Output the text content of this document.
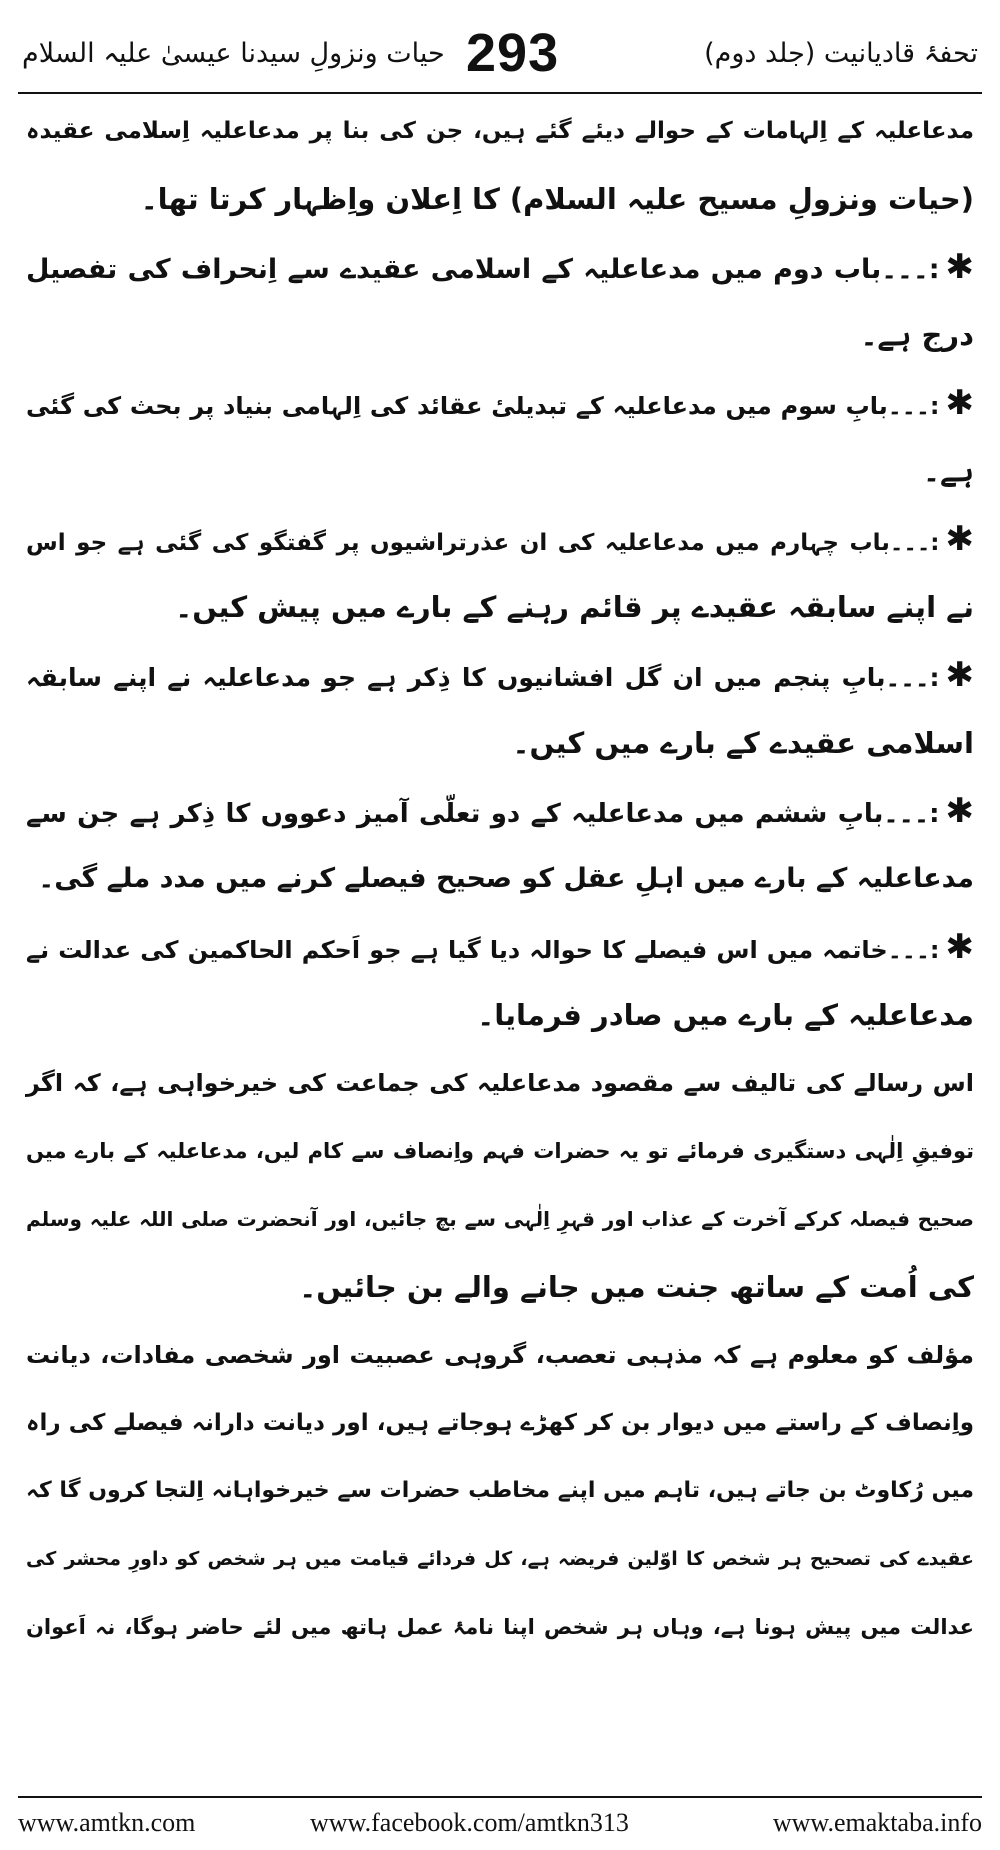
تحفۂ قادیانیت (جلد دوم)
293
حیات ونزولِ سیدنا عیسیٰ علیہ السلام
مدعاعلیہ کے اِلہامات کے حوالے دیئے گئے ہیں، جن کی بنا پر مدعاعلیہ اِسلامی عقیدہ
(حیات ونزولِ مسیح علیہ السلام) کا اِعلان واِظہار کرتا تھا۔
✱:۔۔۔باب دوم میں مدعاعلیہ کے اسلامی عقیدے سے اِنحراف کی تفصیل
درج ہے۔
✱:۔۔۔بابِ سوم میں مدعاعلیہ کے تبدیلیٔ عقائد کی اِلہامی بنیاد پر بحث کی گئی
ہے۔
✱:۔۔۔باب چہارم میں مدعاعلیہ کی ان عذرتراشیوں پر گفتگو کی گئی ہے جو اس
نے اپنے سابقہ عقیدے پر قائم رہنے کے بارے میں پیش کیں۔
✱:۔۔۔بابِ پنجم میں ان گل افشانیوں کا ذِکر ہے جو مدعاعلیہ نے اپنے سابقہ
اسلامی عقیدے کے بارے میں کیں۔
✱:۔۔۔بابِ ششم میں مدعاعلیہ کے دو تعلّی آمیز دعووں کا ذِکر ہے جن سے
مدعاعلیہ کے بارے میں اہلِ عقل کو صحیح فیصلے کرنے میں مدد ملے گی۔
✱:۔۔۔خاتمہ میں اس فیصلے کا حوالہ دیا گیا ہے جو اَحکم الحاکمین کی عدالت نے
مدعاعلیہ کے بارے میں صادر فرمایا۔
اس رسالے کی تالیف سے مقصود مدعاعلیہ کی جماعت کی خیرخواہی ہے، کہ اگر
توفیقِ اِلٰہی دستگیری فرمائے تو یہ حضرات فہم واِنصاف سے کام لیں، مدعاعلیہ کے بارے میں
صحیح فیصلہ کرکے آخرت کے عذاب اور قہرِ اِلٰہی سے بچ جائیں، اور آنحضرت صلی اللہ علیہ وسلم
کی اُمت کے ساتھ جنت میں جانے والے بن جائیں۔
مؤلف کو معلوم ہے کہ مذہبی تعصب، گروہی عصبیت اور شخصی مفادات، دیانت
واِنصاف کے راستے میں دیوار بن کر کھڑے ہوجاتے ہیں، اور دیانت دارانہ فیصلے کی راہ
میں رُکاوٹ بن جاتے ہیں، تاہم میں اپنے مخاطب حضرات سے خیرخواہانہ اِلتجا کروں گا کہ
عقیدے کی تصحیح ہر شخص کا اوّلین فریضہ ہے، کل فردائے قیامت میں ہر شخص کو داورِ محشر کی
عدالت میں پیش ہونا ہے، وہاں ہر شخص اپنا نامۂ عمل ہاتھ میں لئے حاضر ہوگا، نہ اَعوان
www.amtkn.com	www.facebook.com/amtkn313	www.emaktaba.info
